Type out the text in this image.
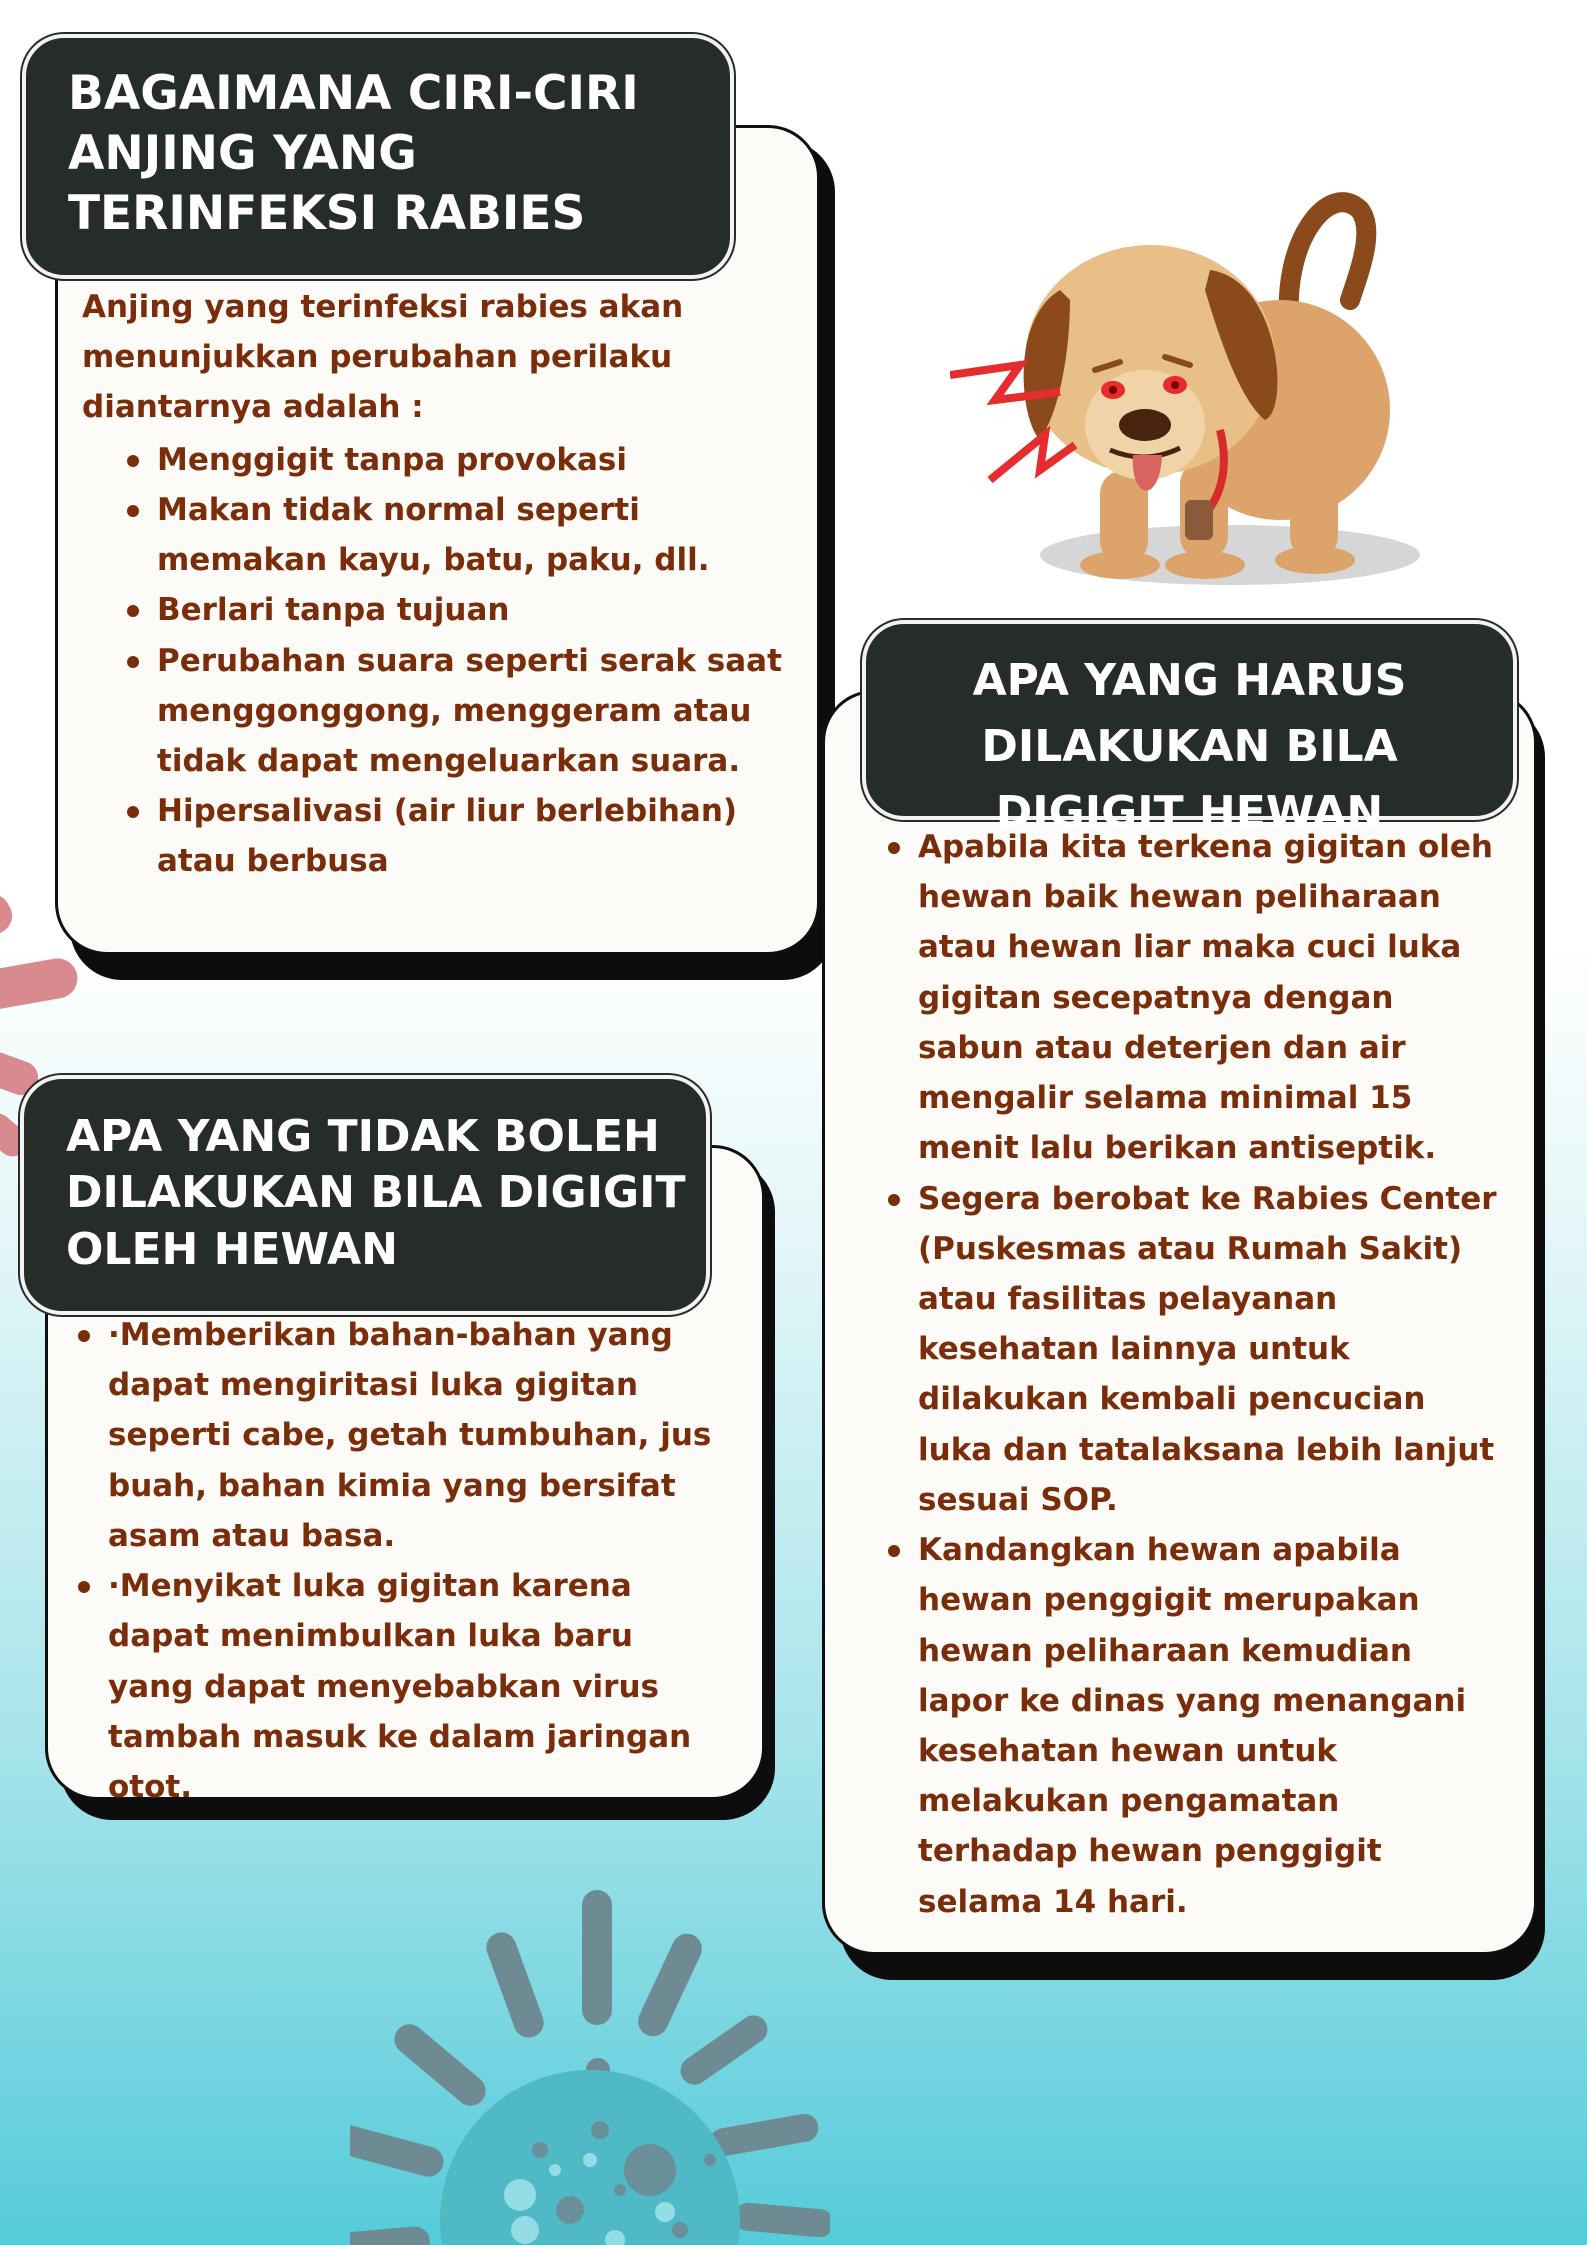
BAGAIMANA CIRI-CIRI ANJING YANG TERINFEKSI RABIES

Anjing yang terinfeksi rabies akan menunjukkan perubahan perilaku diantarnya adalah :

Menggigit tanpa provokasi
Makan tidak normal seperti memakan kayu, batu, paku, dll.
Berlari tanpa tujuan
Perubahan suara seperti serak saat menggonggong, menggeram atau tidak dapat mengeluarkan suara.
Hipersalivasi (air liur berlebihan) atau berbusa
APA YANG TIDAK BOLEH DILAKUKAN BILA DIGIGIT OLEH HEWAN
·Memberikan bahan-bahan yang dapat mengiritasi luka gigitan seperti cabe, getah tumbuhan, jus buah, bahan kimia yang bersifat asam atau basa.
·Menyikat luka gigitan karena dapat menimbulkan luka baru yang dapat menyebabkan virus tambah masuk ke dalam jaringan otot.
APA YANG HARUS DILAKUKAN BILA DIGIGIT HEWAN
Apabila kita terkena gigitan oleh hewan baik hewan peliharaan atau hewan liar maka cuci luka gigitan secepatnya dengan sabun atau deterjen dan air mengalir selama minimal 15 menit lalu berikan antiseptik.
Segera berobat ke Rabies Center (Puskesmas atau Rumah Sakit) atau fasilitas pelayanan kesehatan lainnya untuk dilakukan kembali pencucian luka dan tatalaksana lebih lanjut sesuai SOP.
Kandangkan hewan apabila hewan penggigit merupakan hewan peliharaan kemudian lapor ke dinas yang menangani kesehatan hewan untuk melakukan pengamatan terhadap hewan penggigit selama 14 hari.
